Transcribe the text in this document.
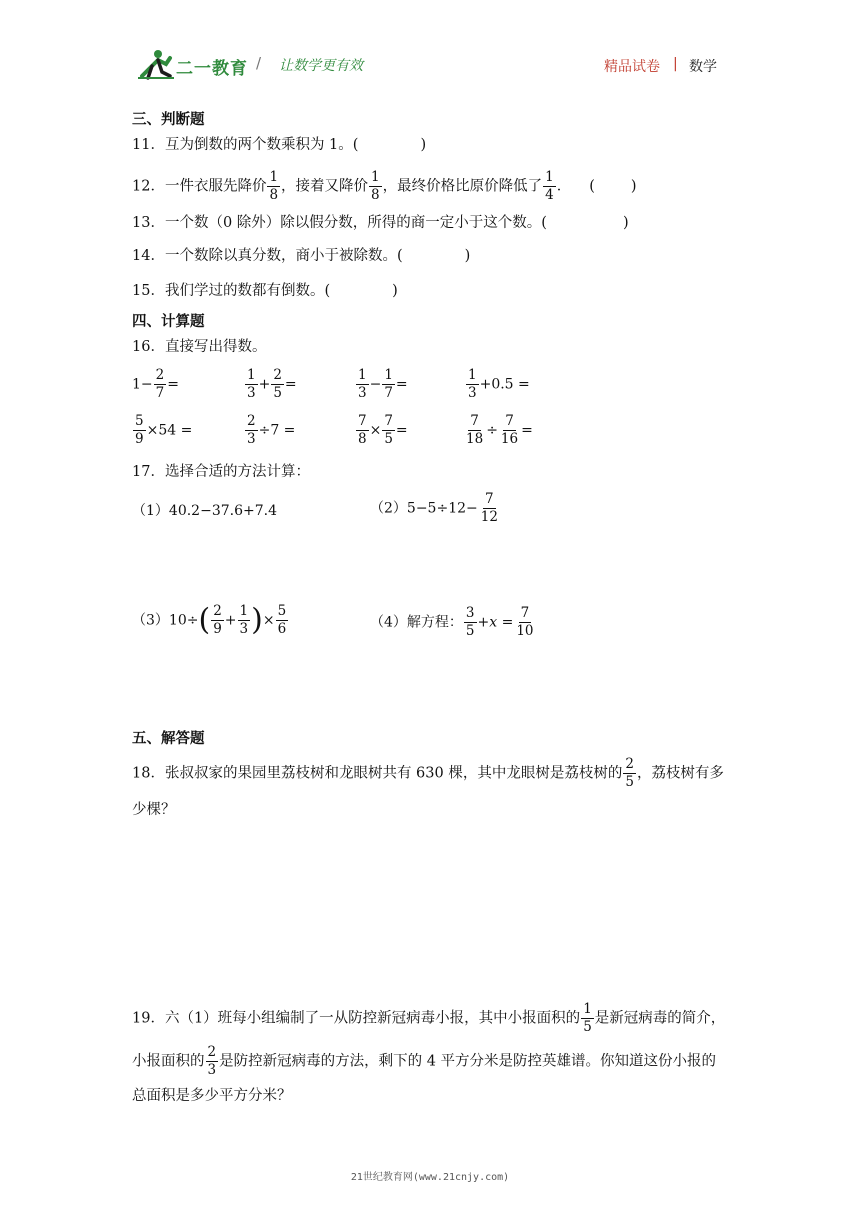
二一教育 / 让数学更有效	精品试卷 | 数学
三、判断题
11．互为倒数的两个数乘积为 1。(	)
12．一件衣服先降价 $\frac{1}{8}$ ，接着又降价 $\frac{1}{8}$ ，最终价格比原价降低了 $\frac{1}{4}$ ． ( )
13．一个数（0 除外）除以假分数，所得的商一定小于这个数。(	)
14．一个数除以真分数，商小于被除数。(	)
15．我们学过的数都有倒数。(	)
四、计算题
16．直接写出得数。
$1- \frac{2}{7}$ =	$\frac{1}{3} + \frac{2}{5}$ =	$\frac{1}{3} - \frac{1}{7}$ =	$\frac{1}{3} +0.5$ =
$\frac{5}{9} \times 54$ =	$\frac{2}{3} \div 7$ =	$\frac{7}{8} \times \frac{7}{5}$ =	$\frac{7}{18} \div \frac{7}{16}$ =
17．选择合适的方法计算：
（1）40.2−37.6+7.4	$(2)5-5\div 12- \frac{7}{12}$
$(3)10\div( \frac{2}{9} + \frac{1}{3}$ )× $\frac{5}{6}$	（4）解方程： $\frac{3}{5} +x = \frac{7}{10}$
五、解答题
18．张叔叔家的果园里荔枝树和龙眼树共有 630 棵，其中龙眼树是荔枝树的 $\frac{2}{5}$ ，荔枝树有多
少棵？
19．六（1）班每小组编制了一从防控新冠病毒小报，其中小报面积的 $\frac{1}{5}$ 是新冠病毒的简介，
小报面积的 $\frac{2}{3}$ 是防控新冠病毒的方法，剩下的 4 平方分米是防控英雄谱。你知道这份小报的
总面积是多少平方分米？
21世纪教育网(www.21cnjy.com)
